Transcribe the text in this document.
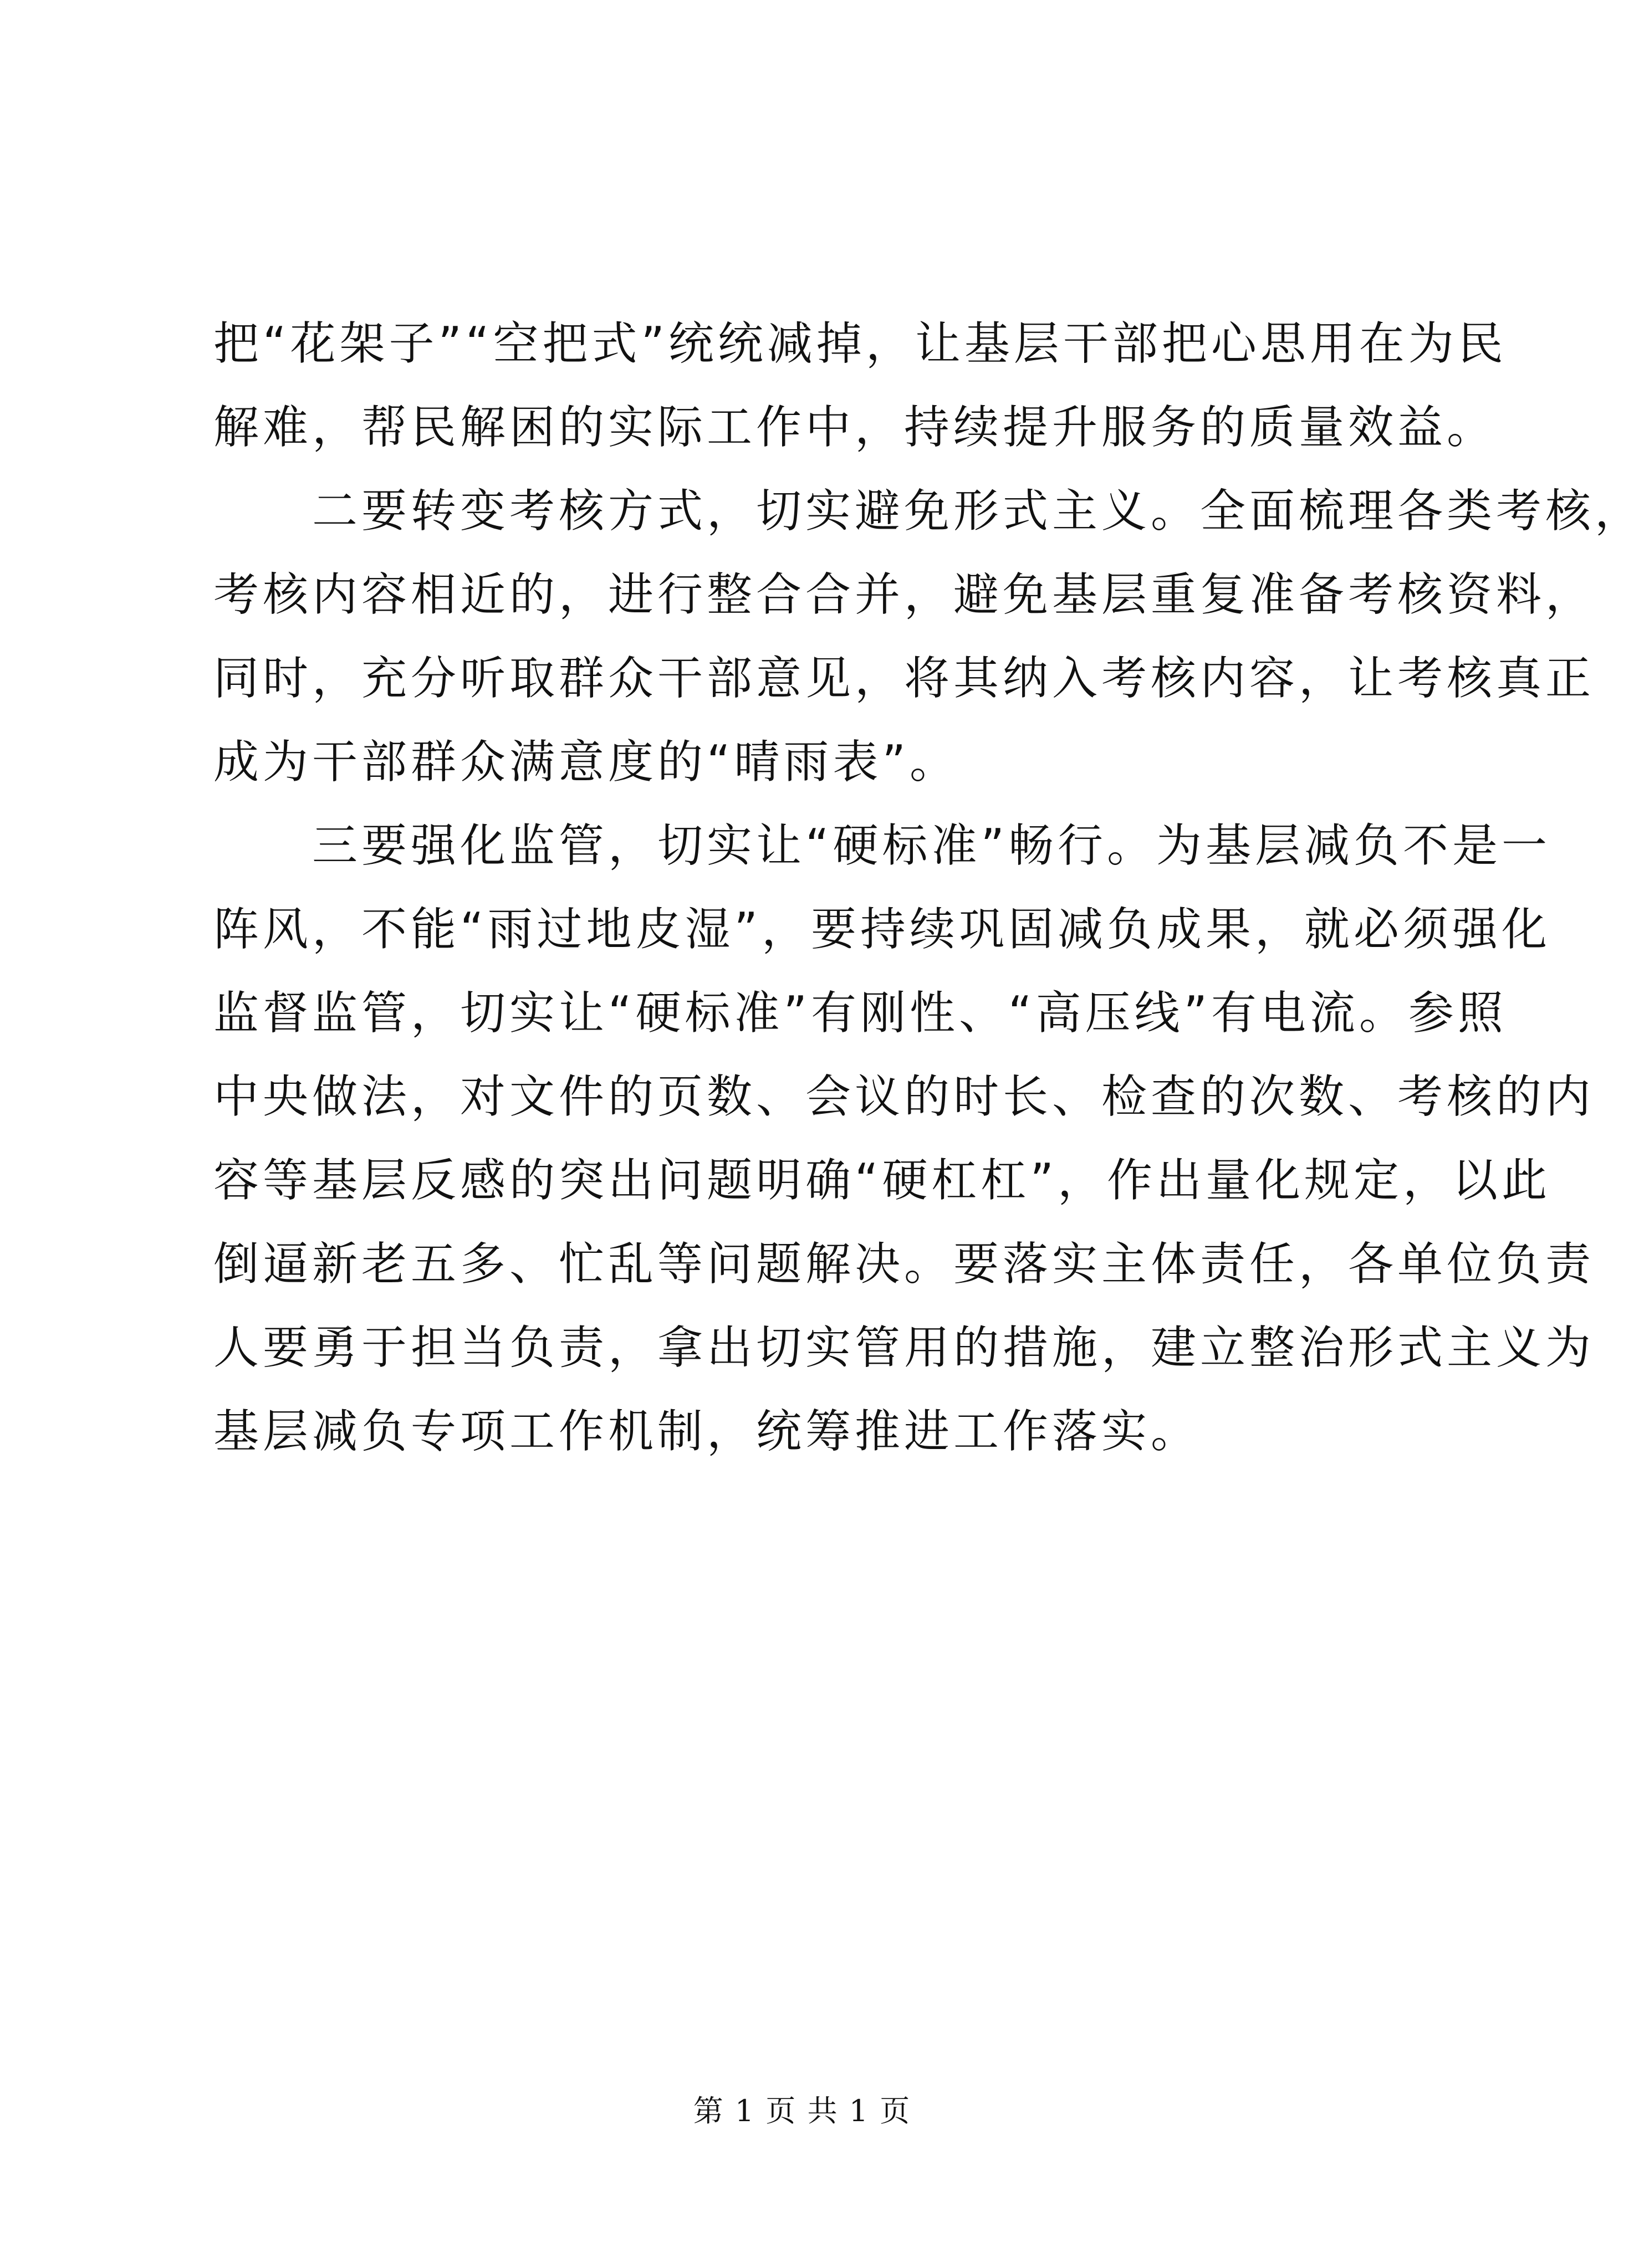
把“花架子”“空把式”统统减掉，让基层干部把心思用在为民
解难，帮民解困的实际工作中，持续提升服务的质量效益。
　　二要转变考核方式，切实避免形式主义。全面梳理各类考核，
考核内容相近的，进行整合合并，避免基层重复准备考核资料，
同时，充分听取群众干部意见，将其纳入考核内容，让考核真正
成为干部群众满意度的“晴雨表”。
　　三要强化监管，切实让“硬标准”畅行。为基层减负不是一
阵风，不能“雨过地皮湿”，要持续巩固减负成果，就必须强化
监督监管，切实让“硬标准”有刚性、“高压线”有电流。参照
中央做法，对文件的页数、会议的时长、检查的次数、考核的内
容等基层反感的突出问题明确“硬杠杠”，作出量化规定，以此
倒逼新老五多、忙乱等问题解决。要落实主体责任，各单位负责
人要勇于担当负责，拿出切实管用的措施，建立整治形式主义为
基层减负专项工作机制，统筹推进工作落实。
第 1 页 共 1 页
